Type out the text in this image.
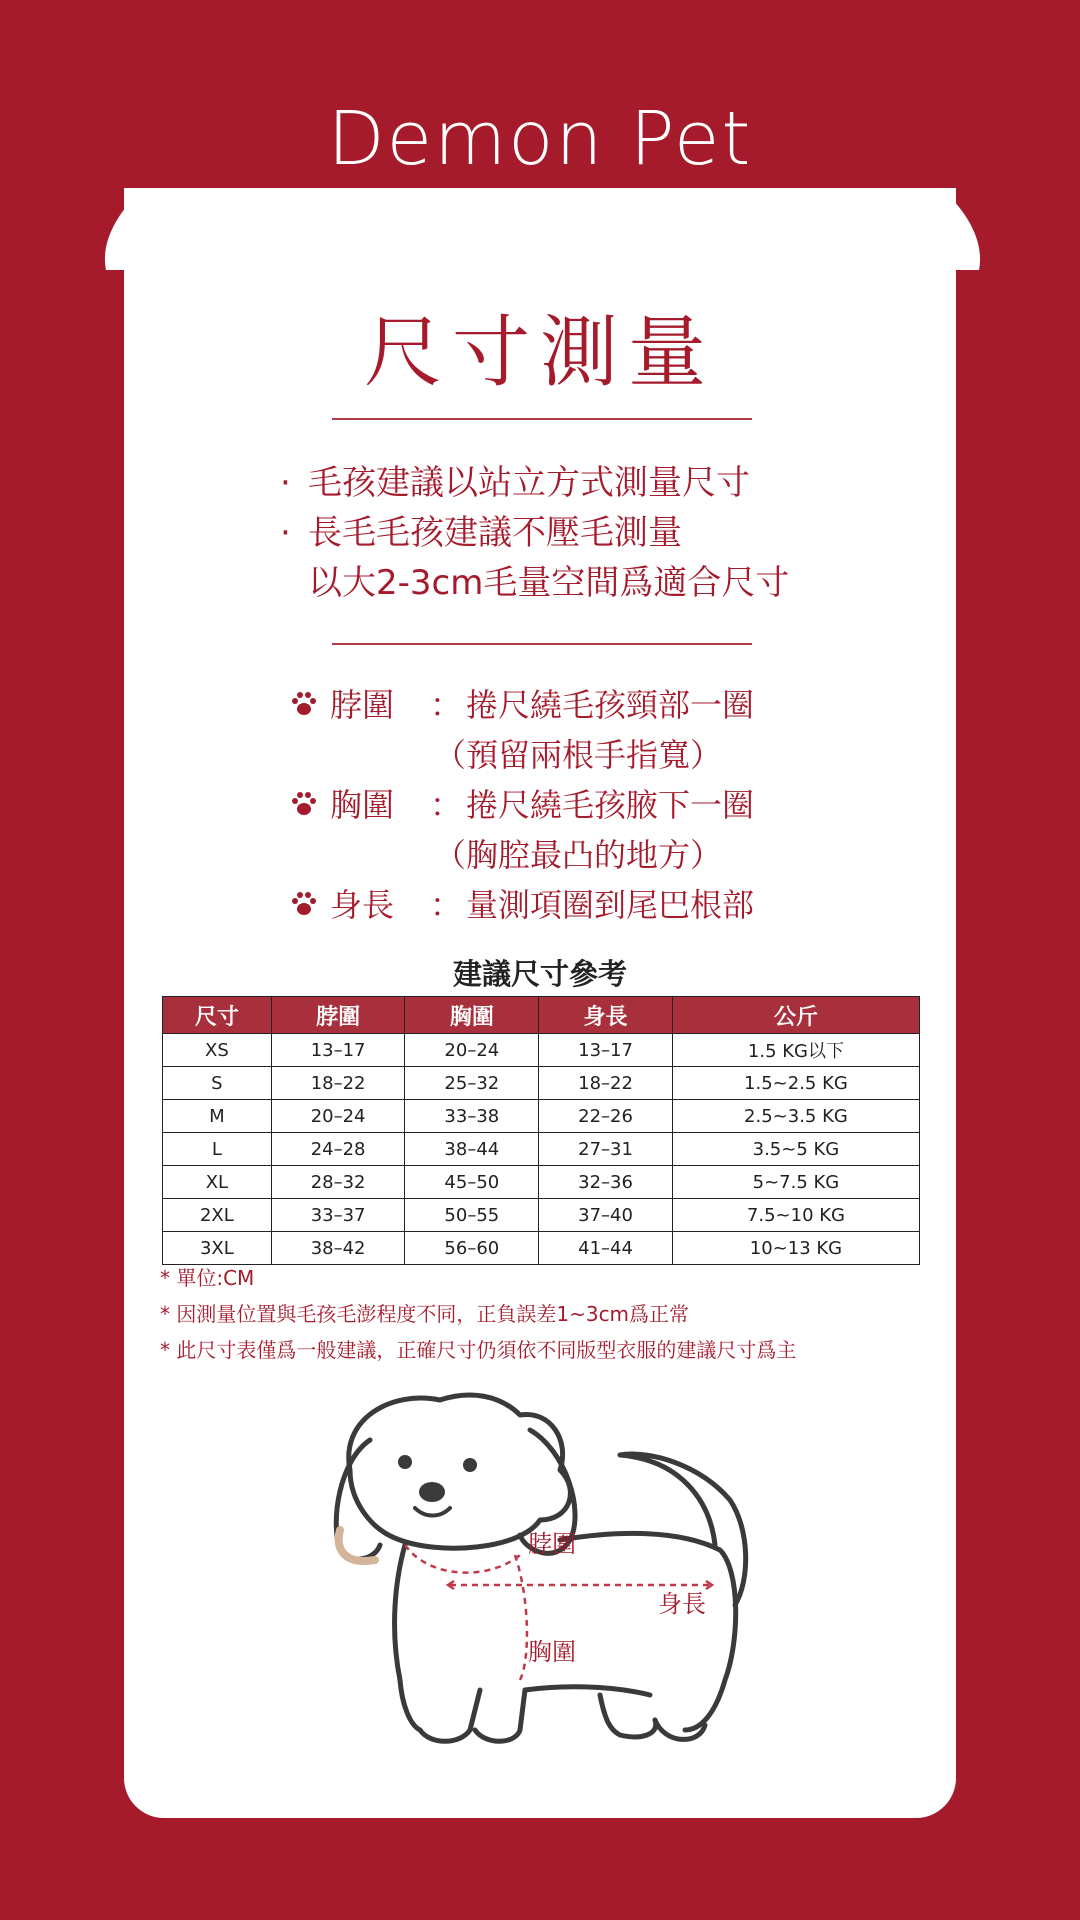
Demon Pet
尺寸測量
· 毛孩建議以站立方式測量尺寸
· 長毛毛孩建議不壓毛測量
以大2-3cm毛量空間爲適合尺寸
脖圍	： 捲尺繞毛孩頸部一圈
（預留兩根手指寬）
胸圍	： 捲尺繞毛孩腋下一圈
（胸腔最凸的地方）
身長	： 量測項圈到尾巴根部
建議尺寸參考
尺寸	脖圍	胸圍	身長	公斤
XS	13–17	20–24	13–17	1.5 KG以下
S	18–22	25–32	18–22	1.5~2.5 KG
M	20–24	33–38	22–26	2.5~3.5 KG
L	24–28	38–44	27–31	3.5~5 KG
XL	28–32	45–50	32–36	5~7.5 KG
2XL	33–37	50–55	37–40	7.5~10 KG
3XL	38–42	56–60	41–44	10~13 KG
* 單位:CM
* 因測量位置與毛孩毛澎程度不同，正負誤差1~3cm爲正常
* 此尺寸表僅爲一般建議，正確尺寸仍須依不同版型衣服的建議尺寸爲主
脖圍
身長
胸圍
